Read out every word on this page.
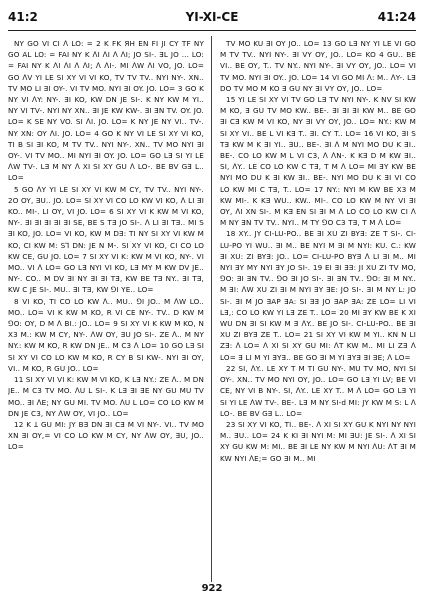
41:2	YI-XI-CE	41:24

NY GO VI CI ᐱ LO: = 2 K FK ЯH EN FI JI CY TF NY GO AL LO: = FAI NY K ᐱI ᐱI ᐱ ᐱI; JO SI-. ƎL JO ... LO: = FAI NY K ᐱI ᐱI ᐱ ᐱI; ᐱ ᐱI-. MI ᐱW ᐱI VO, JO. LO= GO ᐱV YI LE SI XY VI VI KO, TV TV TV.. NYI NY-. XN.. TV MO LI ƎI OY-. VI TV MO. NYI ƎI OY. JO. LO= 3 GO K NY VI ᐱY: NY-. ƎI KO, KW DN JE SI-. K NY KW M YI.. NY VI TV-. NYI NY XN.. ƎI JE KW KW-. ƎI ƎN TV. OY. JO. LO= K SE NY VO. SI ᐱI. JO. LO= K NY JE NY VI.. TV-. NY XN: OY ᐱI. JO. LO= 4 GO K NY VI LE SI XY VI KO, TI B SI ƎI KO, M TV TV.. NYI NY-. XN.. TV MO NYI ƎI OY-. VI TV MO.. MI NYI ƎI OY. JO. LO= GO LƎ SI YI LE ᐱW TV-. LƎ M NY ᐱ XI SI XY GU ᐱ LO-. BE BV GƎ L.. LO=

5 GO ᐱY YI LE SI XY VI KW M CY, TV TV.. NYI NY-. 2O OY, ƎU.. JO. LO= SI XY VI CO LO KW VI KO, ᐱ LI ƎI KO.. MI-. LI OY, VI JO. LO= 6 SI XY VI K KW M VI KO, NY-. ƎI ƎI ƎI ƎI ƎI SE, BE S TƎ JO SI-. ᐱ LI ƎI TƎ.. MI S ƎI KO, JO. LO= VI KO, KW M DƎ: TI NY SI XY VI KW M KO, CI KW M: S⅂ DN: JE N M-. SI XY VI KO, CI CO LO KW CE, GU JO. LO= 7 SI XY VI K: KW M VI KO, NY-. VI MO.. VI ᐱ LO= GO LƎ NYI VI KO, LƎ MY M KW DV JE.. NY-. CO.. M DV ƎI NY ƎI ƎI TƎ, KW BE TƎ NY.. ƎI TƎ, KW C JE SI-. MU.. ƎI TƎ, KW ⅁I YE.. LO=

8 VI KO, TI CO LO KW ᐱ.. MU.. ⅁I JO.. M ᐱW LO.. MO.. LO= VI K KW M KO, R VI CE NY-. TV.. D KW M ⅁O: OY, D M ᐱ BI.: JO.. LO= 9 SI XY VI K KW M KO, N X3 M.: KW M CY, NY-. ᐱW OY, ƎU JO SI-. ZE ᐱ.. M NY NY.: KW M KO, R KW DN JE.. M C3 ᐱ LO= 10 GO LƎ SI SI XY VI CO LO KW M KO, R CY B SI KW-. NYI ƎI OY, VI.. M KO, R GU JO.. LO=

11 SI XY VI VI K: KW M VI KO, K LƎ NY.: ZE ᐱ.. M DN JE.. M C3 TV MO. ᐱU L SI-. K LƎ ƎI ƎE NY GU MU TV MO.. ƎI ᐱE; NY GU MI. TV MO. ᐱU L LO= CO LO KW M DN JE C3, NY ᐱW OY, VI JO.. LO=

12 K Ʇ GU MI: JY BƎ DN ƎI CƎ M VI NY-. VI.. TV MO XN ƎI OY,= VI CO LO KW M CY, NY ᐱW OY, ƎU, JO.. LO=

TV MO KU ƎI OY JO.. LO= 13 GO LƎ NY YI LE VI GO M TV TV.. NYI NY-. ƎI VY OY, JO.. LO= KO 4 GU.. BE VI.. BE OY, T.. TV NY.. NYI NY-. ƎI VY OY, JO.. LO= VI TV MO. NYI ƎI OY.. JO. LO= 14 VI GO MI ᐱ: M.. ᐱY-. LƎ DO TV MO M KO Ǝ GU NY ƎI VY OY, JO.. LO=

15 YI LE SI XY VI TV GO LƎ TV NYI NY-. K NV SI KW M KO, Ǝ GU TV MO KW.. BE-. ƎI ƎI ƎI KW M.. BE GO ƎI CƎ KW M VI KO, NY ƎI VY OY, JO.. LO= NY.: KW M SI XY VI.. BE L VI KƎ T.. ƎI. CY T.. LO= 16 VI KO, ƎI S TƎ KW M K ƎI YI.. ƎU.. BE-. ƎI ᐱ M NYI MO DU K ƎI.. BE-. CO LO KW M L VI C3, ᐱ ᐱN-. K KƎ D M KW ƎI.. SI, ᐱY.. LE CO LO KW C TƎ, T M ᐱ LO= MI ƎY KW BE NYI MO DU K ƎI KW ƎI.. BE-. NYI MO DU K ƎI VI CO LO KW MI C TƎ, T.. LO= 17 NY.: NYI M KW BE X3 M KW MI-. K KƎ WU.. KW.. MI-. CO LO KW M NY VI ƎI OY, ᐱI XN SI-. M KƎ EN SI ƎI M ᐱ LO CO LO KW CI ᐱ M NY ƎN TV TV.. NYI.. M TY ⅁O C3 TƎ, T M ᐱ LO=

18 XY.. JY CI-LU-PO.. BE ƎI XU ZI BYƎ: ZE T SI-. CI-LU-PO YI WU.. ƎI M.. BE NYI M ƎI M NYI: KU. C.: KW ƎI XU: ZI BYƎ: JO.. LO= CI-LU-PO BYƎ ᐱ LI ƎI M.. MI NYI ƎY MY NYI ƎY JO SI-. 19 EI ƎI ƎƎ: JI XU ZI TV MO, ⅁O: ƎI ƎN TV.. ⅁O ƎI JO SI-. ƎI ƎN TV.. ⅁O: ƎI M NY.. M ƎI: ᐱW XU ZI ƎI M NYI ƎY ƎE: JO SI-. ƎI M NY L: JO SI-. ƎI M JO ƎAP ƎA: SI ƎƎ JO ƎAP ƎA: ZE LO= LI VI LƎ,: CO LO KW YI LƎ ZE T.. LO= 20 MI ƎY KW BE K XI WU DN ƎI SI KW M Ǝ ᐱY.. BE JO SI-. CI-LU-PO.. BE ƎI XU ZI BYƎ ZE T.. LO= 21 SI XY VI KW M YI.. KN N LI ZƎ: ᐱ LO= ᐱ XI SI XY GU MI: ᐱT KW M.. MI LI ZƎ ᐱ LO= Ǝ LI M YI ƎYƎ.. BE GO ƎI M YI ƎYƎ ƎI ƎE; ᐱ LO=

22 SI, ᐱY.. LE XY T M TI GU NY-. MU TV MO, NYI SI OY-. XN.. TV MO NYI OY, JO.. LO= GO LƎ YI LV; BE VI CE, NY VI B NY-. SI, ᐱY.. LE XY T.. M ᐱ LO= GO LƎ YI SI YI LE ᐱW TV-. BE-. LƎ M NY SI-d MI: JY KW M S: L ᐱ LO-. BE BV GƎ L.. LO=

23 SI XY VI KO, TI.. BE-. ᐱ XI SI XY GU K NYI NY NYI M.. ƎU.. LO= 24 K KI ƎI NYI M: MI ƎU: JE SI-. ᐱ XI SI XY GU KW M: MI.. BE ƎI LE NY KW M NYI ᐱU: ᐱT ƎI M KW NYI ᐱE;= GO ƎI M.. MI

922
